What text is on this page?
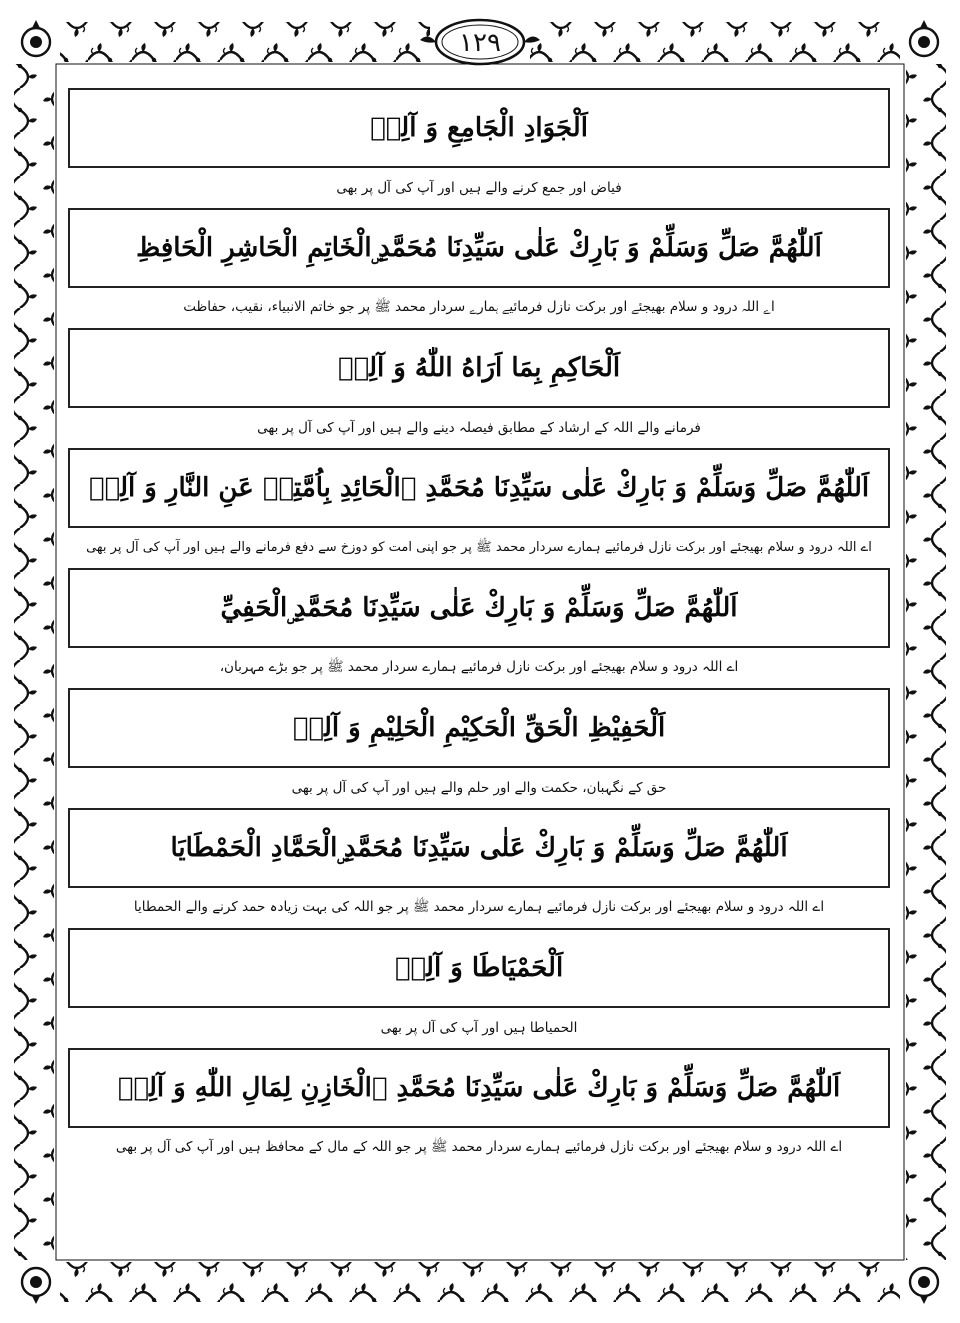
١٢٩
اَلْجَوَادِ الْجَامِعِ وَ آلِهٖ
فیاض اور جمع کرنے والے ہیں اور آپ کی آل پر بھی
اَللّٰھُمَّ صَلِّ وَسَلِّمْ وَ بَارِكْ عَلٰى سَيِّدِنَا مُحَمَّدِ ۣالْخَاتِمِ الْحَاشِرِ الْحَافِظِ
اے اللہ درود و سلام بھیجئے اور برکت نازل فرمائیے ہمارے سردار محمد ﷺ پر جو خاتم الانبیاء، نقیب، حفاظت
اَلْحَاكِمِ بِمَا اَرَاهُ اللّٰهُ وَ آلِهٖ
فرمانے والے اللہ کے ارشاد کے مطابق فیصلہ دینے والے ہیں اور آپ کی آل پر بھی
اَللّٰھُمَّ صَلِّ وَسَلِّمْ وَ بَارِكْ عَلٰى سَيِّدِنَا مُحَمَّدِ ۣالْحَائِدِ بِاُمَّتِهٖ عَنِ النَّارِ وَ آلِهٖ
اے اللہ درود و سلام بھیجئے اور برکت نازل فرمائیے ہمارے سردار محمد ﷺ پر جو اپنی امت کو دوزخ سے دفع فرمانے والے ہیں اور آپ کی آل پر بھی
اَللّٰھُمَّ صَلِّ وَسَلِّمْ وَ بَارِكْ عَلٰى سَيِّدِنَا مُحَمَّدِ ۣالْحَفِيِّ
اے اللہ درود و سلام بھیجئے اور برکت نازل فرمائیے ہمارے سردار محمد ﷺ پر جو بڑے مہربان،
اَلْحَفِيْظِ الْحَقِّ الْحَكِيْمِ الْحَلِيْمِ وَ آلِهٖ
حق کے نگہبان، حکمت والے اور حلم والے ہیں اور آپ کی آل پر بھی
اَللّٰھُمَّ صَلِّ وَسَلِّمْ وَ بَارِكْ عَلٰى سَيِّدِنَا مُحَمَّدِ ۣالْحَمَّادِ الْحَمْطَايَا
اے اللہ درود و سلام بھیجئے اور برکت نازل فرمائیے ہمارے سردار محمد ﷺ پر جو اللہ کی بہت زیادہ حمد کرنے والے الحمطایا
اَلْحَمْيَاطَا وَ آلِهٖ
الحمیاطا ہیں اور آپ کی آل پر بھی
اَللّٰھُمَّ صَلِّ وَسَلِّمْ وَ بَارِكْ عَلٰى سَيِّدِنَا مُحَمَّدِ ۣالْخَازِنِ لِمَالِ اللّٰهِ وَ آلِهٖ
اے اللہ درود و سلام بھیجئے اور برکت نازل فرمائیے ہمارے سردار محمد ﷺ پر جو اللہ کے مال کے محافظ ہیں اور آپ کی آل پر بھی
